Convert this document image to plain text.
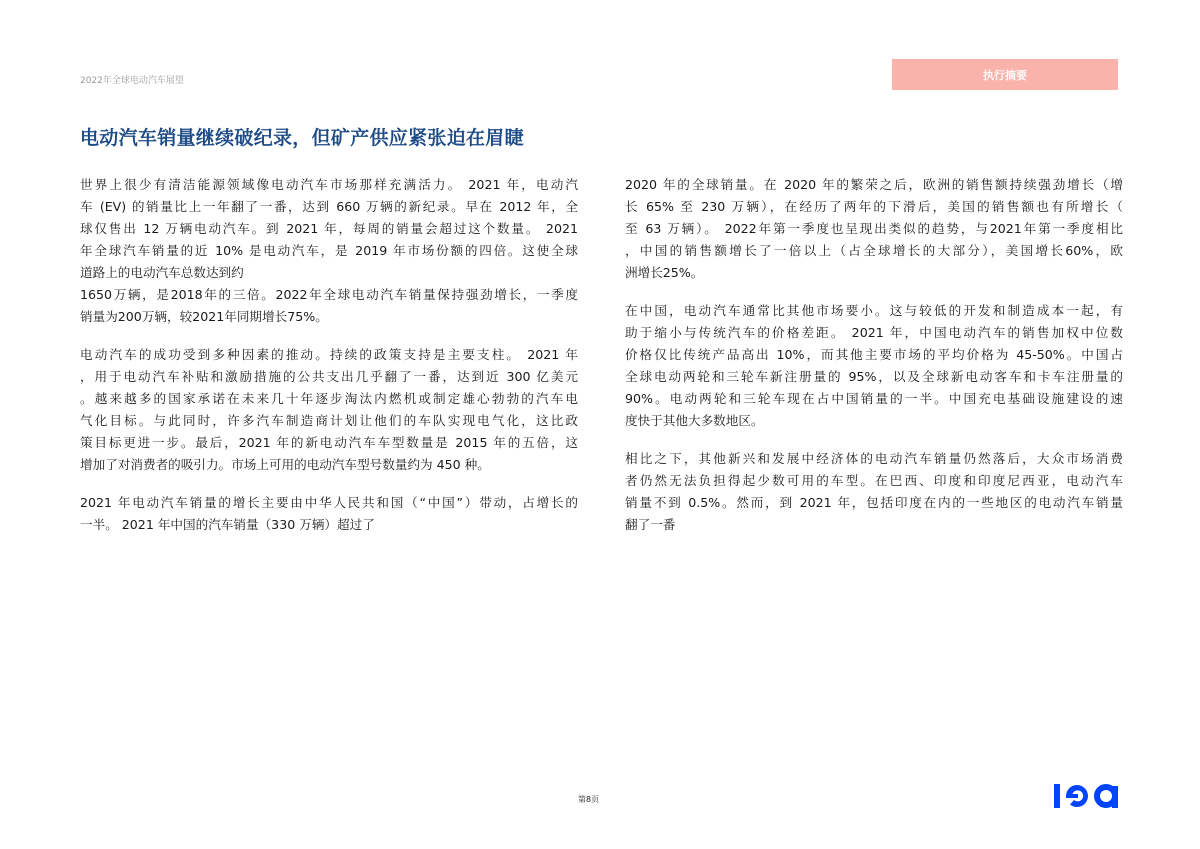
2022年全球电动汽车展望	执行摘要
电动汽车销量继续破纪录，但矿产供应紧张迫在眉睫
世界上很少有清洁能源领域像电动汽车市场那样充满活力。 2021 年，电动汽
车 (EV) 的销量比上一年翻了一番，达到 660 万辆的新纪录。早在 2012 年，全
球仅售出 12 万辆电动汽车。到 2021 年，每周的销量会超过这个数量。 2021
年全球汽车销量的近 10% 是电动汽车，是 2019 年市场份额的四倍。这使全球
道路上的电动汽车总数达到约
1650万辆，是2018年的三倍。2022年全球电动汽车销量保持强劲增长，一季度
销量为200万辆，较2021年同期增长75%。
电动汽车的成功受到多种因素的推动。持续的政策支持是主要支柱。 2021 年
，用于电动汽车补贴和激励措施的公共支出几乎翻了一番，达到近 300 亿美元
。越来越多的国家承诺在未来几十年逐步淘汰内燃机或制定雄心勃勃的汽车电
气化目标。与此同时，许多汽车制造商计划让他们的车队实现电气化，这比政
策目标更进一步。最后，2021 年的新电动汽车车型数量是 2015 年的五倍，这
增加了对消费者的吸引力。市场上可用的电动汽车型号数量约为 450 种。
2021 年电动汽车销量的增长主要由中华人民共和国（“中国”）带动，占增长的
一半。 2021 年中国的汽车销量（330 万辆）超过了
2020 年的全球销量。在 2020 年的繁荣之后，欧洲的销售额持续强劲增长（增
长 65% 至 230 万辆），在经历了两年的下滑后，美国的销售额也有所增长（
至 63 万辆）。 2022年第一季度也呈现出类似的趋势，与2021年第一季度相比
，中国的销售额增长了一倍以上（占全球增长的大部分），美国增长60%，欧
洲增长25%。
在中国，电动汽车通常比其他市场要小。这与较低的开发和制造成本一起，有
助于缩小与传统汽车的价格差距。 2021 年，中国电动汽车的销售加权中位数
价格仅比传统产品高出 10%，而其他主要市场的平均价格为 45-50%。中国占
全球电动两轮和三轮车新注册量的 95%，以及全球新电动客车和卡车注册量的
90%。电动两轮和三轮车现在占中国销量的一半。中国充电基础设施建设的速
度快于其他大多数地区。
相比之下，其他新兴和发展中经济体的电动汽车销量仍然落后，大众市场消费
者仍然无法负担得起少数可用的车型。在巴西、印度和印度尼西亚，电动汽车
销量不到 0.5%。然而，到 2021 年，包括印度在内的一些地区的电动汽车销量
翻了一番
第8页
